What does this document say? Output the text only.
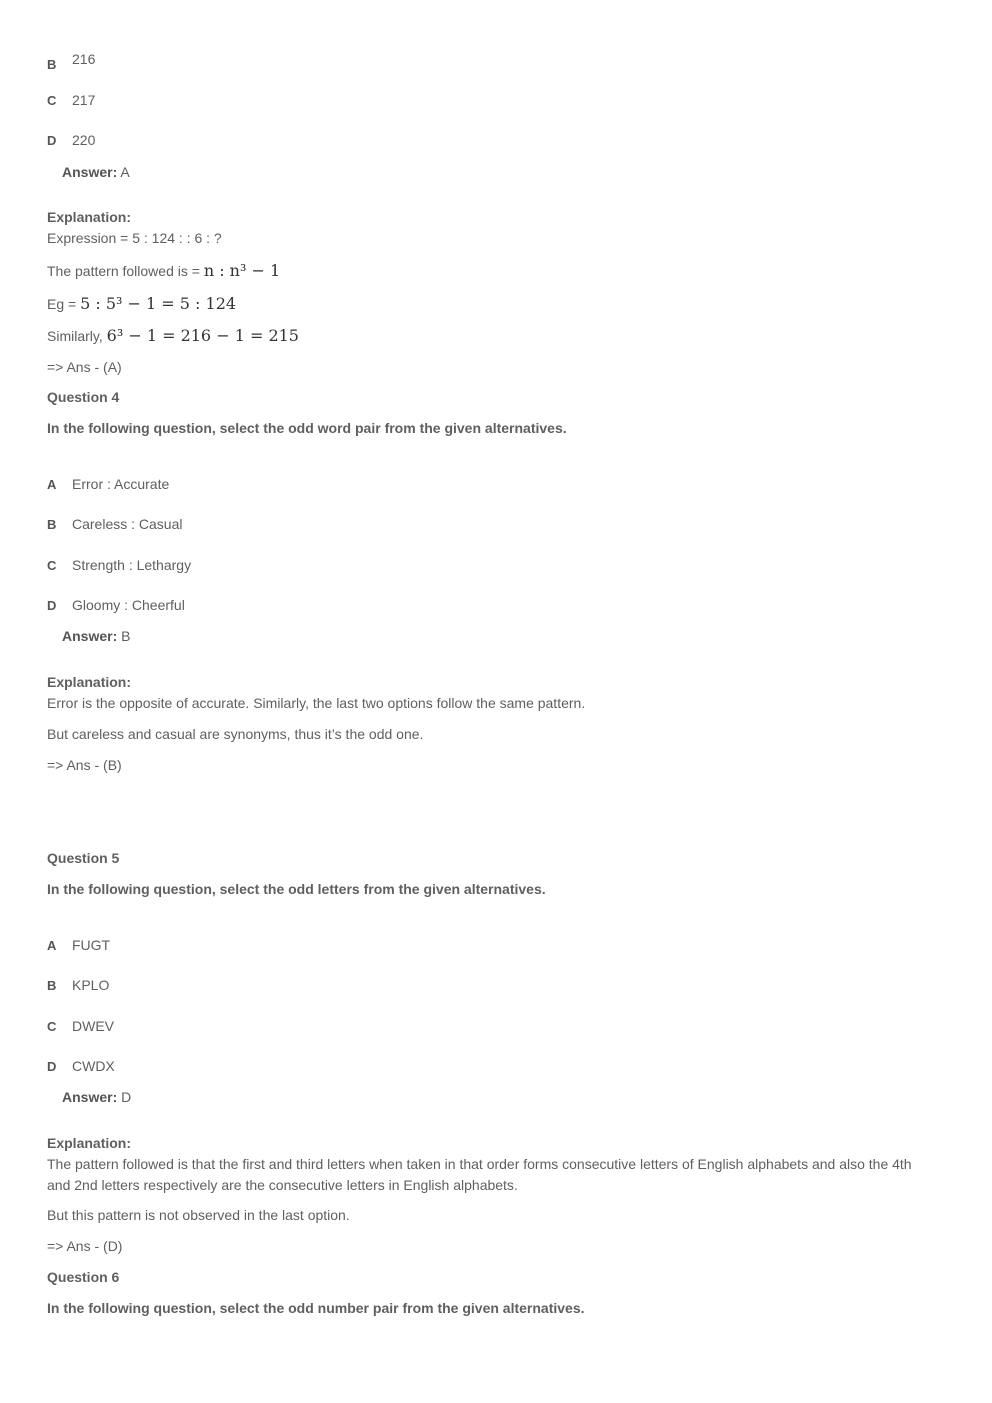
B 216
C 217
D 220
Answer: A
Explanation:
Expression = 5 : 124 : : 6 : ?
The pattern followed is = n : n³ − 1
Eg = 5 : 5³ − 1 = 5 : 124
Similarly, 6³ − 1 = 216 − 1 = 215
=> Ans - (A)
Question 4
In the following question, select the odd word pair from the given alternatives.
A Error : Accurate
B Careless : Casual
C Strength : Lethargy
D Gloomy : Cheerful
Answer: B
Explanation:
Error is the opposite of accurate. Similarly, the last two options follow the same pattern.
But careless and casual are synonyms, thus it’s the odd one.
=> Ans - (B)
Question 5
In the following question, select the odd letters from the given alternatives.
A FUGT
B KPLO
C DWEV
D CWDX
Answer: D
Explanation:
The pattern followed is that the first and third letters when taken in that order forms consecutive letters of English alphabets and also the 4th and 2nd letters respectively are the consecutive letters in English alphabets.
But this pattern is not observed in the last option.
=> Ans - (D)
Question 6
In the following question, select the odd number pair from the given alternatives.
